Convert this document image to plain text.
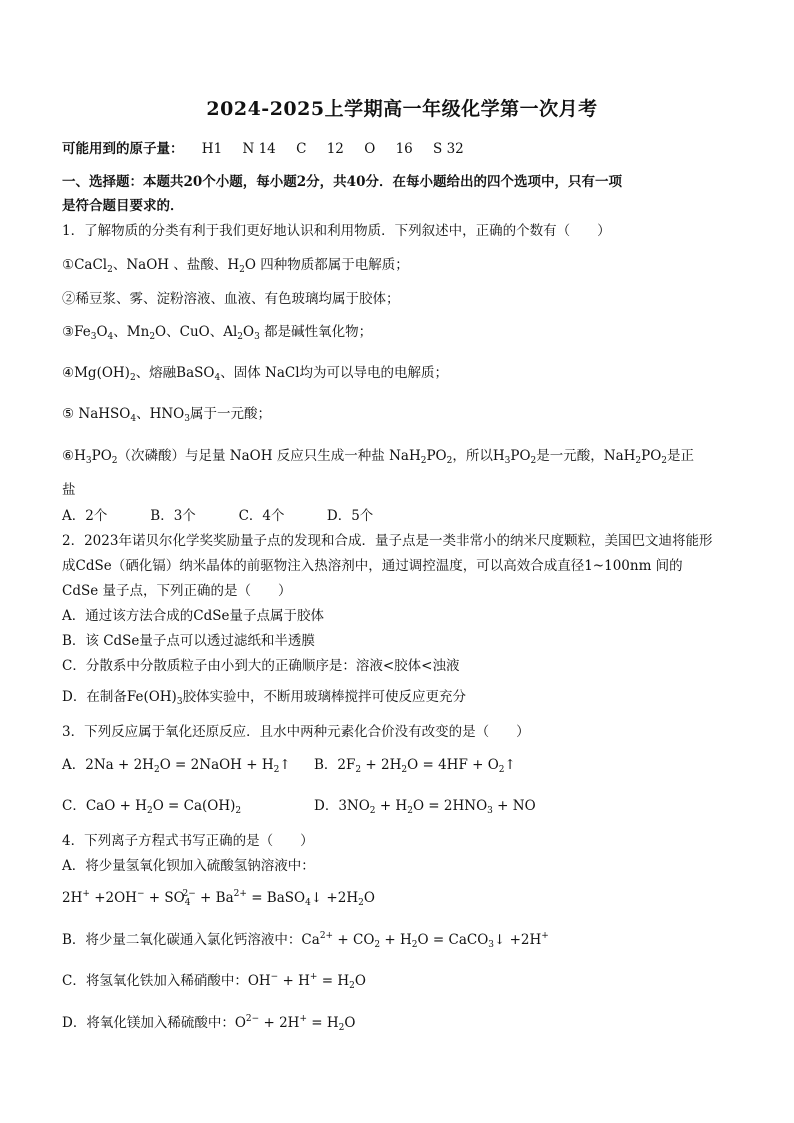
2024-2025上学期高一年级化学第一次月考
可能用到的原子量： H1 N 14 C 12 O 16 S 32
一、选择题：本题共20个小题，每小题2分，共40分．在每小题给出的四个选项中，只有一项
是符合题目要求的．
1．了解物质的分类有利于我们更好地认识和利用物质．下列叙述中，正确的个数有（　　）
①CaCl$_2$、NaOH 、盐酸、$H_2O$ 四种物质都属于电解质；
②稀豆浆、雾、淀粉溶液、血液、有色玻璃均属于胶体；
$③Fe_3O_4$、$Mn_2O$、CuO、$Al_2O_3$ 都是碱性氧化物；
$④Mg(OH)_2$、熔融BaSO$_4$、固体 NaCl均为可以导电的电解质；
⑤ NaHSO$_4$、$HNO_3$属于一元酸；
$⑥H_3PO_2$（次磷酸）与足量 NaOH 反应只生成一种盐 $NaH_2PO_2$，所以$H_3PO_2$是一元酸，$NaH_2PO_2$是正
盐
A．2个	B．3个	C．4个	D．5个
2．2023年诺贝尔化学奖奖励量子点的发现和合成．量子点是一类非常小的纳米尺度颗粒，美国巴文迪将能形
成CdSe（硒化镉）纳米晶体的前驱物注入热溶剂中，通过调控温度，可以高效合成直径1~100nm 间的
CdSe 量子点，下列正确的是（　　）
A．通过该方法合成的CdSe量子点属于胶体
B．该 CdSe量子点可以透过滤纸和半透膜
C．分散系中分散质粒子由小到大的正确顺序是：溶液<胶体<浊液
D．在制备$Fe(OH)_3$胶体实验中，不断用玻璃棒搅拌可使反应更充分
3．下列反应属于氧化还原反应．且水中两种元素化合价没有改变的是（　　）
A．$2Na + 2H_2O$ = 2NaOH + $H_2↑$ B．$2F_2 + 2H_2O = 4HF$ + $O_2↑$
C．CaO + $H_2O = Ca(OH)_2$	D．$3NO_2 + H_2O = 2HNO_3$ + NO
4．下列离子方程式书写正确的是（　　）
A．将少量氢氧化钡加入硫酸氢钠溶液中：
$2H^+ +2OH^- + SO_4^{2-} + Ba^{2+}$ = BaSO$_4$↓ $+2H_2O$
B．将少量二氧化碳通入氯化钙溶液中：$Ca^{2+} + CO_2 + H_2O$ = CaCO$_3$↓ +2H+
C．将氢氧化铁加入稀硝酸中：$OH^- + H^+ = H_2O$
D．将氧化镁加入稀硫酸中：$O^{2-} + 2H^+ = H_2O$
